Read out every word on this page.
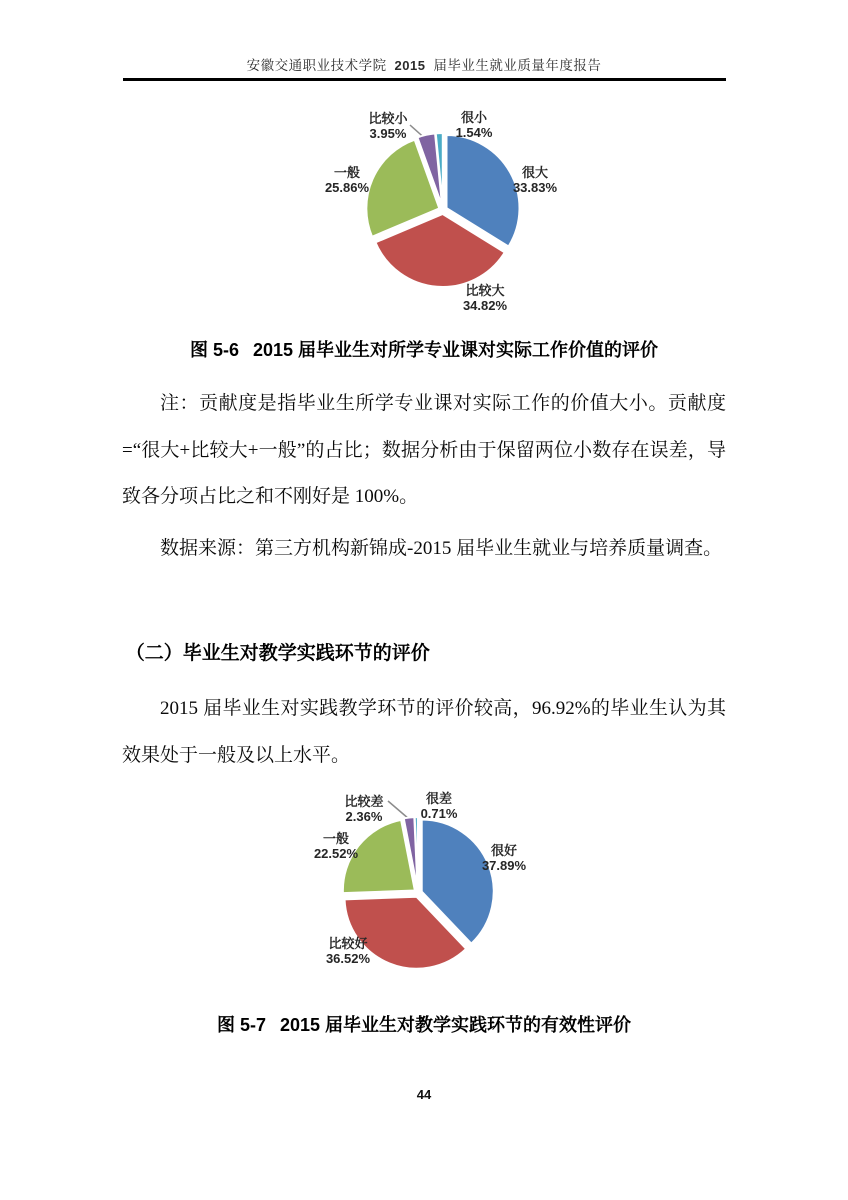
安徽交通职业技术学院 2015 届毕业生就业质量年度报告
很大
33.83%
比较大
34.82%
一般
25.86%
比较小
3.95%
很小
1.54%
图 5-6 2015 届毕业生对所学专业课对实际工作价值的评价
注：贡献度是指毕业生所学专业课对实际工作的价值大小。贡献度=“很大+比较大+一般”的占比；数据分析由于保留两位小数存在误差，导致各分项占比之和不刚好是 100%。
数据来源：第三方机构新锦成-2015 届毕业生就业与培养质量调查。
（二）毕业生对教学实践环节的评价
2015 届毕业生对实践教学环节的评价较高，96.92%的毕业生认为其效果处于一般及以上水平。
很好
37.89%
比较好
36.52%
一般
22.52%
比较差
2.36%
很差
0.71%
图 5-7 2015 届毕业生对教学实践环节的有效性评价
44
